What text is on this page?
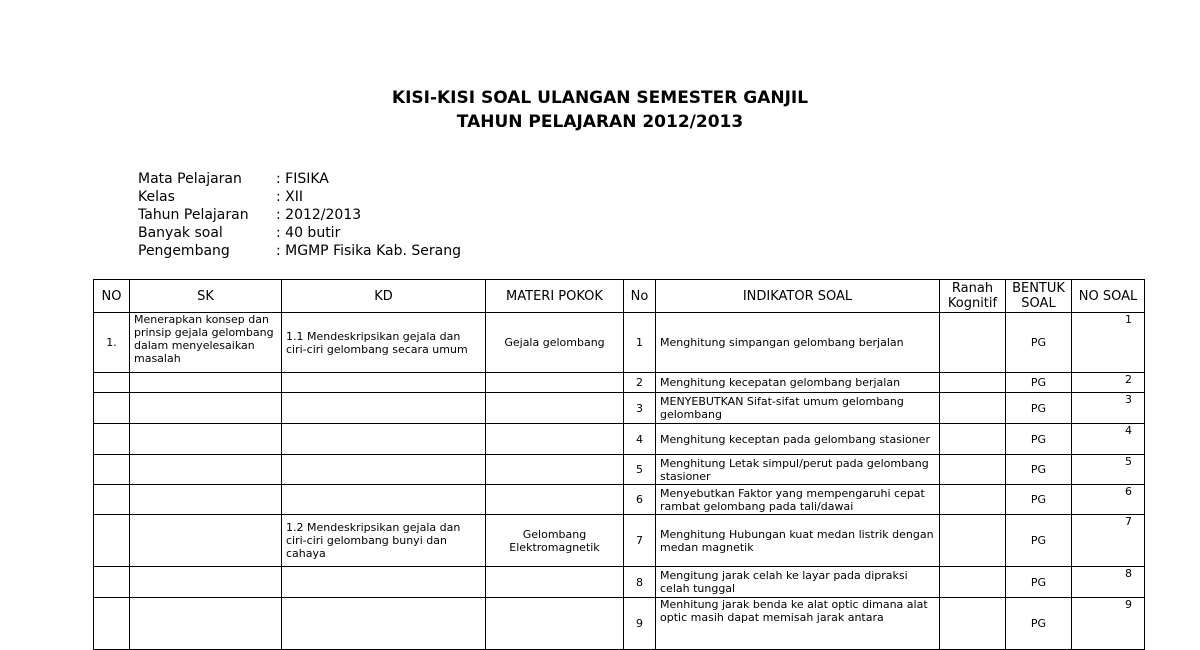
KISI-KISI SOAL ULANGAN SEMESTER GANJIL
TAHUN PELAJARAN 2012/2013
Mata Pelajaran : FISIKA
Kelas	: XII
Tahun Pelajaran : 2012/2013
Banyak soal	: 40 butir
Pengembang	: MGMP Fisika Kab. Serang
NO	SK	KD	MATERI POKOK	No	INDIKATOR SOAL	Ranah Kognitif	BENTUK SOAL	NO SOAL
1.	Menerapkan konsep dan prinsip gejala gelombang dalam menyelesaikan masalah	1.1 Mendeskripsikan gejala dan ciri-ciri gelombang secara umum	Gejala gelombang	1	Menghitung simpangan gelombang berjalan		PG	1
				2	Menghitung kecepatan gelombang berjalan		PG	2
				3	MENYEBUTKAN Sifat-sifat umum gelombang gelombang		PG	3
				4	Menghitung keceptan pada gelombang stasioner		PG	4
				5	Menghitung Letak simpul/perut pada gelombang stasioner		PG	5
				6	Menyebutkan Faktor yang mempengaruhi cepat rambat gelombang pada tali/dawai		PG	6
		1.2 Mendeskripsikan gejala dan ciri-ciri gelombang bunyi dan cahaya	Gelombang Elektromagnetik	7	Menghitung Hubungan kuat medan listrik dengan medan magnetik		PG	7
				8	Mengitung jarak celah ke layar pada dipraksi celah tunggal		PG	8
				9	Menhitung jarak benda ke alat optic dimana alat optic masih dapat memisah jarak antara		PG	9
